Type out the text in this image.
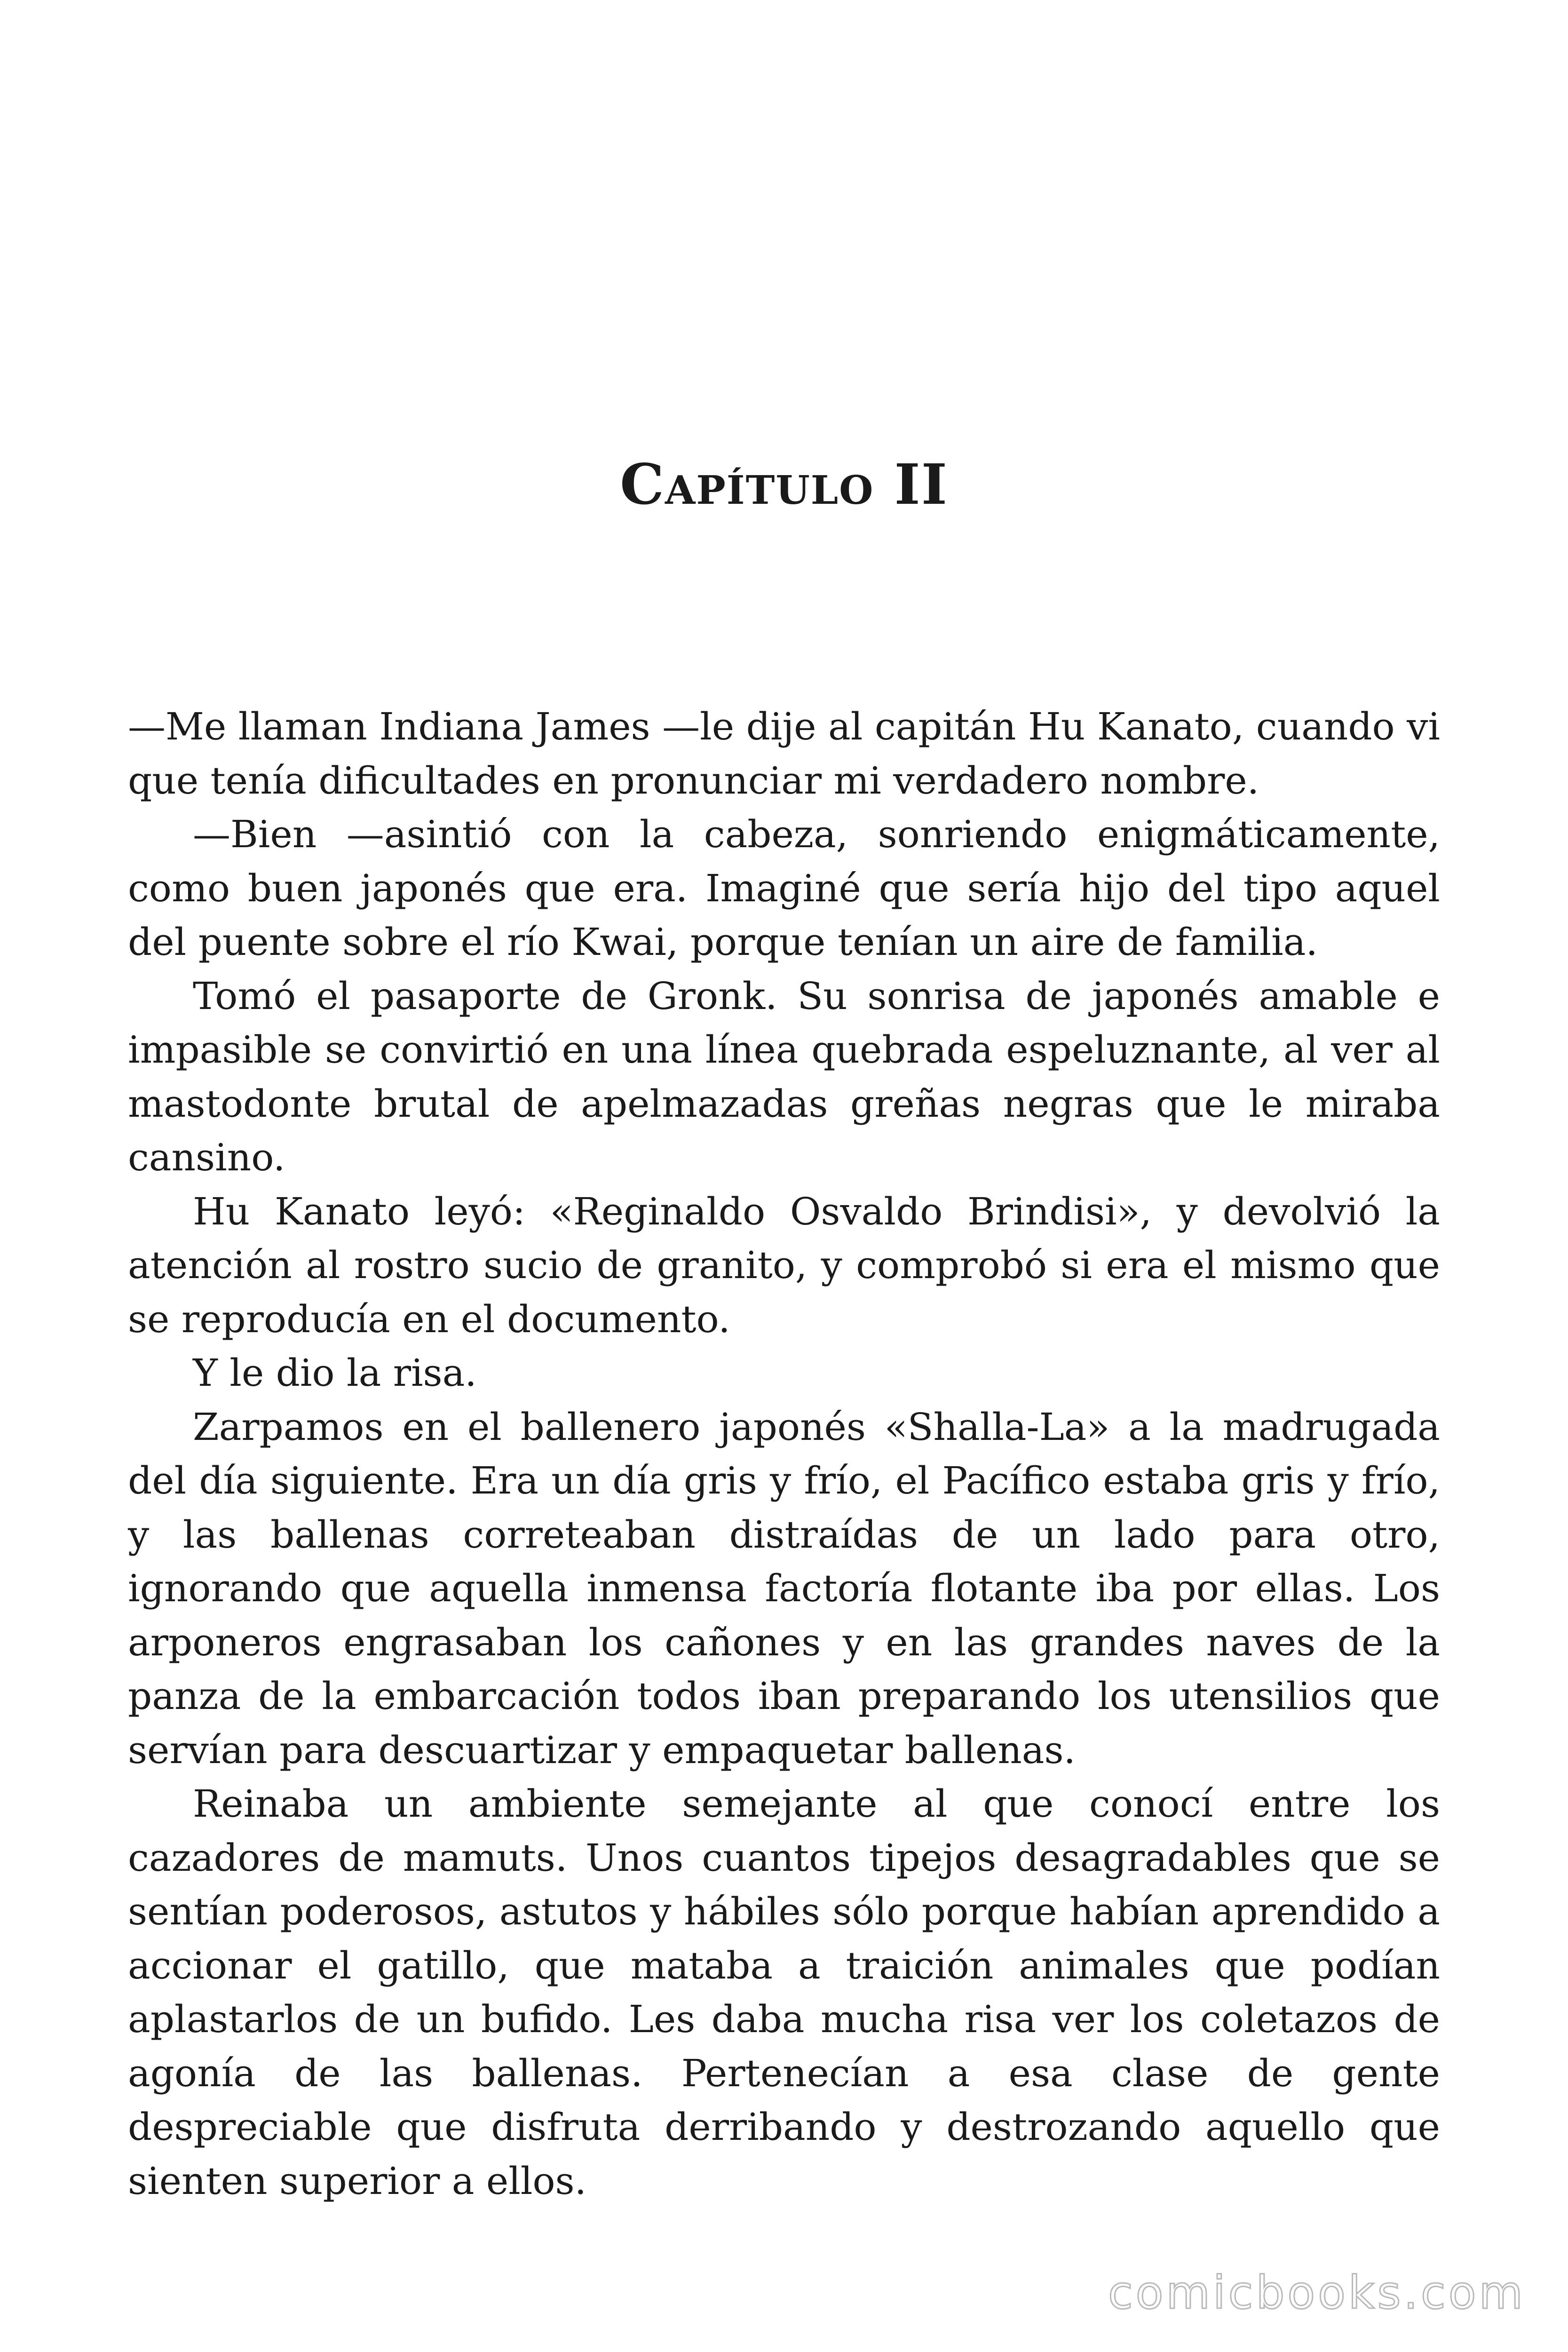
Capítulo II

—Me llaman Indiana James —le dije al capitán Hu Kanato, cuando vi que tenía dificultades en pronunciar mi verdadero nombre.

—Bien —asintió con la cabeza, sonriendo enigmáticamente, como buen japonés que era. Imaginé que sería hijo del tipo aquel del puente sobre el río Kwai, porque tenían un aire de familia.

Tomó el pasaporte de Gronk. Su sonrisa de japonés amable e impasible se convirtió en una línea quebrada espeluznante, al ver al mastodonte brutal de apelmazadas greñas negras que le miraba cansino.

Hu Kanato leyó: «Reginaldo Osvaldo Brindisi», y devolvió la atención al rostro sucio de granito, y comprobó si era el mismo que se reproducía en el documento.

Y le dio la risa.

Zarpamos en el ballenero japonés «Shalla-La» a la madrugada del día siguiente. Era un día gris y frío, el Pacífico estaba gris y frío, y las ballenas correteaban distraídas de un lado para otro, ignorando que aquella inmensa factoría flotante iba por ellas. Los arponeros engrasaban los cañones y en las grandes naves de la panza de la embarcación todos iban preparando los utensilios que servían para descuartizar y empaquetar ballenas.

Reinaba un ambiente semejante al que conocí entre los cazadores de mamuts. Unos cuantos tipejos desagradables que se sentían poderosos, astutos y hábiles sólo porque habían aprendido a accionar el gatillo, que mataba a traición animales que podían aplastarlos de un bufido. Les daba mucha risa ver los coletazos de agonía de las ballenas. Pertenecían a esa clase de gente despreciable que disfruta derribando y destrozando aquello que sienten superior a ellos.

comicbooks.com
